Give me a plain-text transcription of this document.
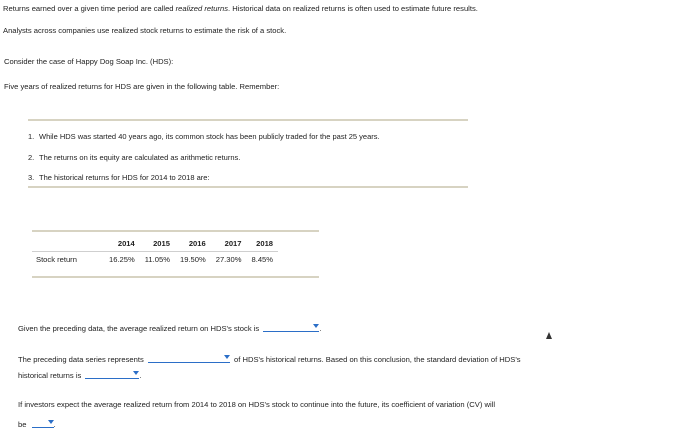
Returns earned over a given time period are called realized returns. Historical data on realized returns is often used to estimate future results.
Analysts across companies use realized stock returns to estimate the risk of a stock.
Consider the case of Happy Dog Soap Inc. (HDS):
Five years of realized returns for HDS are given in the following table. Remember:
1. While HDS was started 40 years ago, its common stock has been publicly traded for the past 25 years.
2. The returns on its equity are calculated as arithmetic returns.
3. The historical returns for HDS for 2014 to 2018 are:
	2014	2015	2016	2017	2018
Stock return	16.25%	11.05%	19.50%	27.30%	8.45%
Given the preceding data, the average realized return on HDS's stock is	.
The preceding data series represents	of HDS's historical returns. Based on this conclusion, the standard deviation of HDS's
historical returns is	.
If investors expect the average realized return from 2014 to 2018 on HDS's stock to continue into the future, its coefficient of variation (CV) will
be	.
